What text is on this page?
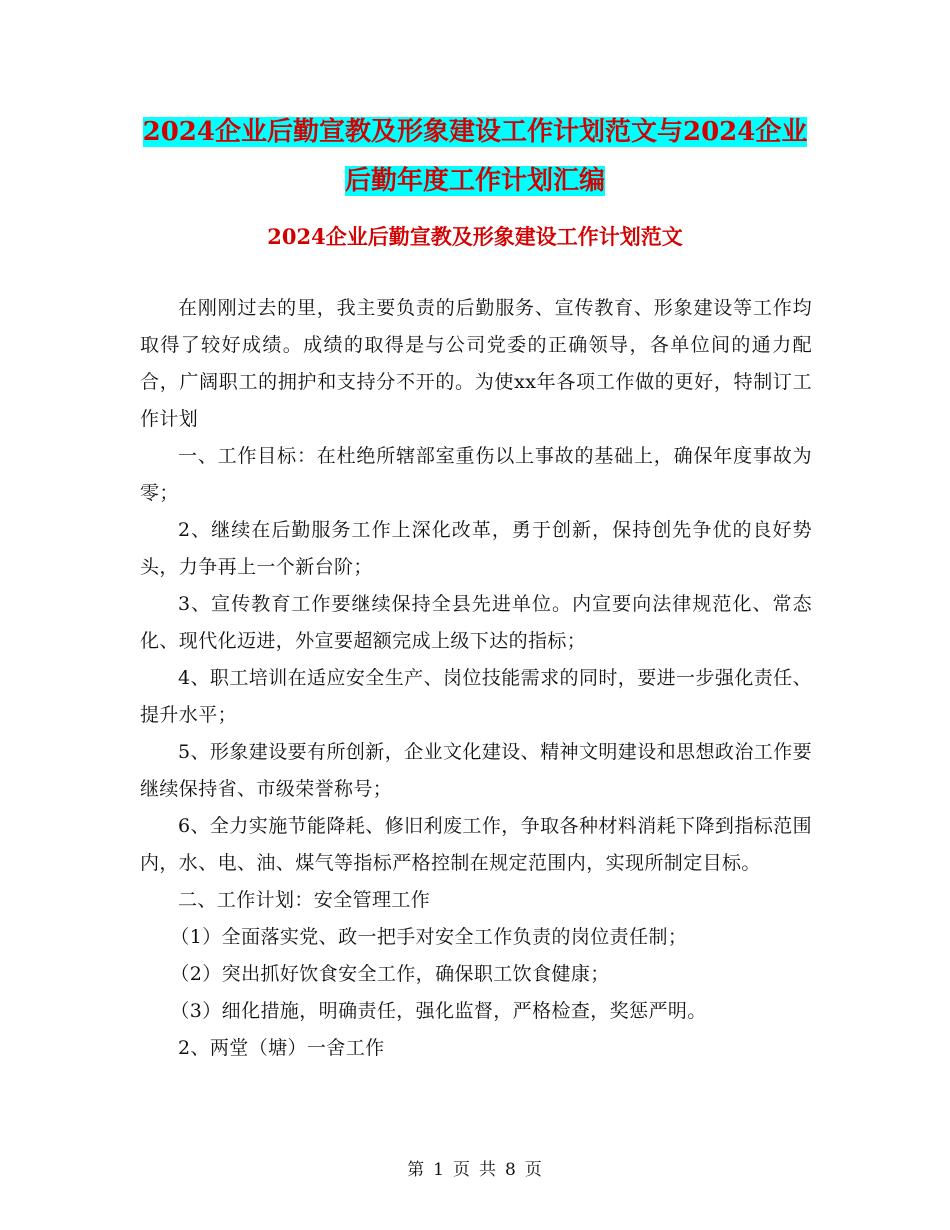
2024企业后勤宣教及形象建设工作计划范文与2024企业后勤年度工作计划汇编
2024企业后勤宣教及形象建设工作计划范文

在刚刚过去的里，我主要负责的后勤服务、宣传教育、形象建设等工作均取得了较好成绩。成绩的取得是与公司党委的正确领导，各单位间的通力配合，广阔职工的拥护和支持分不开的。为使xx年各项工作做的更好，特制订工作计划

一、工作目标：在杜绝所辖部室重伤以上事故的基础上，确保年度事故为零；

2、继续在后勤服务工作上深化改革，勇于创新，保持创先争优的良好势头，力争再上一个新台阶；

3、宣传教育工作要继续保持全县先进单位。内宣要向法律规范化、常态化、现代化迈进，外宣要超额完成上级下达的指标；

4、职工培训在适应安全生产、岗位技能需求的同时，要进一步强化责任、提升水平；

5、形象建设要有所创新，企业文化建设、精神文明建设和思想政治工作要继续保持省、市级荣誉称号；

6、全力实施节能降耗、修旧利废工作，争取各种材料消耗下降到指标范围内，水、电、油、煤气等指标严格控制在规定范围内，实现所制定目标。

二、工作计划：安全管理工作

（1）全面落实党、政一把手对安全工作负责的岗位责任制；

（2）突出抓好饮食安全工作，确保职工饮食健康；

（3）细化措施，明确责任，强化监督，严格检查，奖惩严明。

2、两堂（塘）一舍工作

第 1 页 共 8 页
